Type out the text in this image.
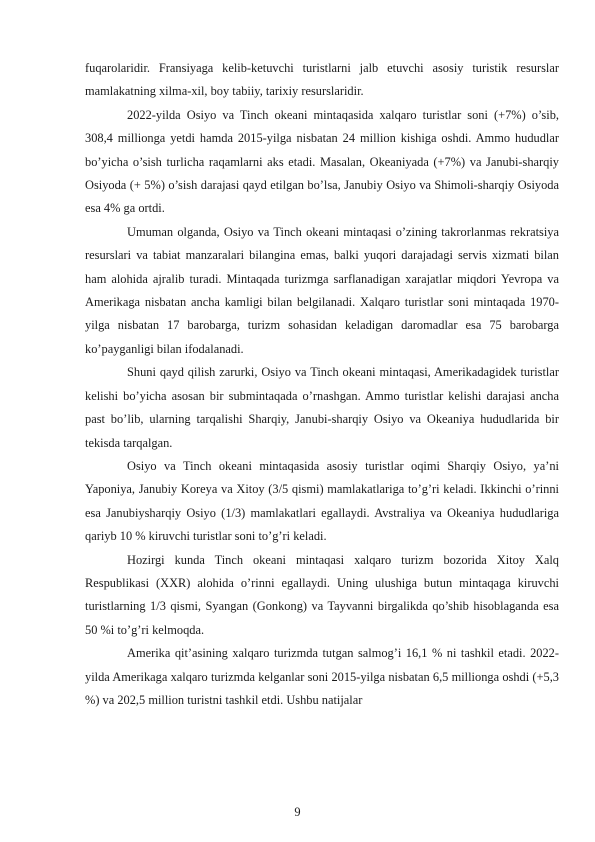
fuqarolaridir. Fransiyaga kelib-ketuvchi turistlarni jalb etuvchi asosiy turistik resurslar mamlakatning xilma-xil, boy tabiiy, tarixiy resurslaridir.

2022-yilda Osiyo va Tinch okeani mintaqasida xalqaro turistlar soni (+7%) o’sib, 308,4 millionga yetdi hamda 2015-yilga nisbatan 24 million kishiga oshdi. Ammo hududlar bo’yicha o’sish turlicha raqamlarni aks etadi. Masalan, Okeaniyada (+7%) va Janubi-sharqiy Osiyoda (+ 5%) o’sish darajasi qayd etilgan bo’lsa, Janubiy Osiyo va Shimoli-sharqiy Osiyoda esa 4% ga ortdi.

Umuman olganda, Osiyo va Tinch okeani mintaqasi o’zining takrorlanmas rekratsiya resurslari va tabiat manzaralari bilangina emas, balki yuqori darajadagi servis xizmati bilan ham alohida ajralib turadi. Mintaqada turizmga sarflanadigan xarajatlar miqdori Yevropa va Amerikaga nisbatan ancha kamligi bilan belgilanadi. Xalqaro turistlar soni mintaqada 1970-yilga nisbatan 17 barobarga, turizm sohasidan keladigan daromadlar esa 75 barobarga ko’payganligi bilan ifodalanadi.

Shuni qayd qilish zarurki, Osiyo va Tinch okeani mintaqasi, Amerikadagidek turistlar kelishi bo’yicha asosan bir submintaqada o’rnashgan. Ammo turistlar kelishi darajasi ancha past bo’lib, ularning tarqalishi Sharqiy, Janubi-sharqiy Osiyo va Okeaniya hududlarida bir tekisda tarqalgan.

Osiyo va Tinch okeani mintaqasida asosiy turistlar oqimi Sharqiy Osiyo, ya’ni Yaponiya, Janubiy Koreya va Xitoy (3/5 qismi) mamlakatlariga to’g’ri keladi. Ikkinchi o’rinni esa Janubiysharqiy Osiyo (1/3) mamlakatlari egallaydi. Avstraliya va Okeaniya hududlariga qariyb 10 % kiruvchi turistlar soni to’g’ri keladi.

Hozirgi kunda Tinch okeani mintaqasi xalqaro turizm bozorida Xitoy Xalq Respublikasi (XXR) alohida o’rinni egallaydi. Uning ulushiga butun mintaqaga kiruvchi turistlarning 1/3 qismi, Syangan (Gonkong) va Tayvanni birgalikda qo’shib hisoblaganda esa 50 %i to’g’ri kelmoqda.

Amerika qit’asining xalqaro turizmda tutgan salmog’i 16,1 % ni tashkil etadi. 2022-yilda Amerikaga xalqaro turizmda kelganlar soni 2015-yilga nisbatan 6,5 millionga oshdi (+5,3 %) va 202,5 million turistni tashkil etdi. Ushbu natijalar

9
